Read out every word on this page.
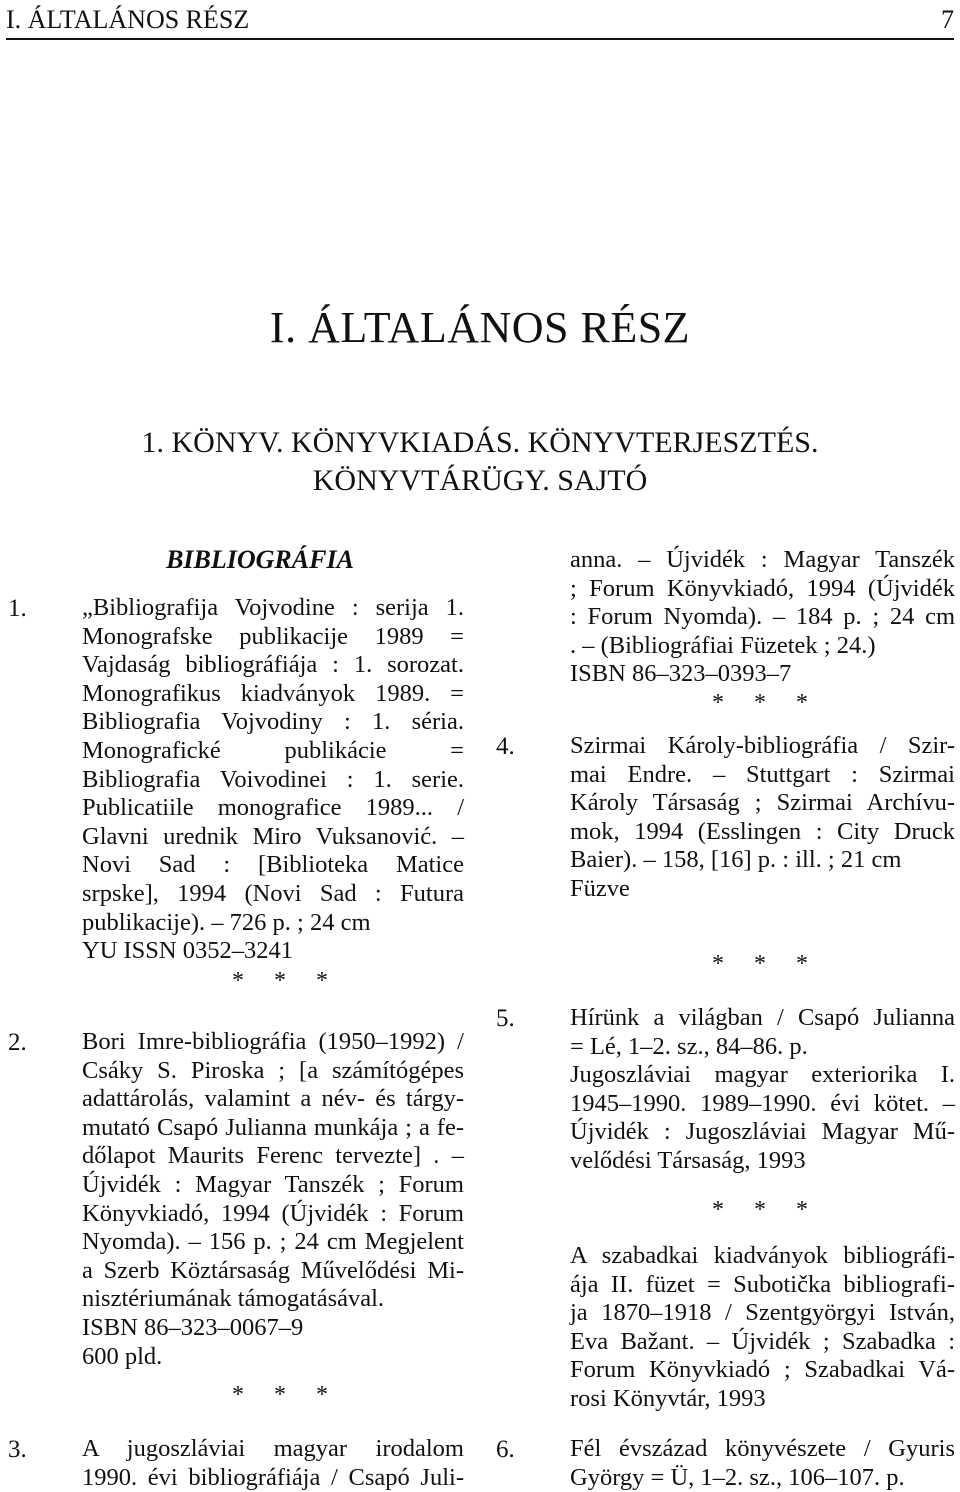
I. ÁLTALÁNOS RÉSZ	7
I. ÁLTALÁNOS RÉSZ
1. KÖNYV. KÖNYVKIADÁS. KÖNYVTERJESZTÉS.
KÖNYVTÁRÜGY. SAJTÓ
BIBLIOGRÁFIA
1. „Bibliografija Vojvodine : serija 1.
Monografske publikacije 1989 =
Vajdaság bibliográfiája : 1. sorozat.
Monografikus kiadványok 1989. =
Bibliografia Vojvodiny : 1. séria.
Monografické publikácie =
Bibliografia Voivodinei : 1. serie.
Publicatiile monografice 1989... /
Glavni urednik Miro Vuksanović. –
Novi Sad : [Biblioteka Matice
srpske], 1994 (Novi Sad : Futura
publikacije). – 726 p. ; 24 cm
YU ISSN 0352–3241
* * *
2. Bori Imre-bibliográfia (1950–1992) /
Csáky S. Piroska ; [a számítógépes
adattárolás, valamint a név- és tárgy-
mutató Csapó Julianna munkája ; a fe-
dőlapot Maurits Ferenc tervezte] . –
Újvidék : Magyar Tanszék ; Forum
Könyvkiadó, 1994 (Újvidék : Forum
Nyomda). – 156 p. ; 24 cm Megjelent
a Szerb Köztársaság Művelődési Mi-
nisztériumának támogatásával.
ISBN 86–323–0067–9
600 pld.
* * *
3. A jugoszláviai magyar irodalom
1990. évi bibliográfiája / Csapó Juli-
anna. – Újvidék : Magyar Tanszék
; Forum Könyvkiadó, 1994 (Újvidék
: Forum Nyomda). – 184 p. ; 24 cm
. – (Bibliográfiai Füzetek ; 24.)
ISBN 86–323–0393–7
* * *
4. Szirmai Károly-bibliográfia / Szir-
mai Endre. – Stuttgart : Szirmai
Károly Társaság ; Szirmai Archívu-
mok, 1994 (Esslingen : City Druck
Baier). – 158, [16] p. : ill. ; 21 cm
Füzve
* * *
5. Hírünk a világban / Csapó Julianna
= Lé, 1–2. sz., 84–86. p.
Jugoszláviai magyar exteriorika I.
1945–1990. 1989–1990. évi kötet. –
Újvidék : Jugoszláviai Magyar Mű-
velődési Társaság, 1993
* * *
A szabadkai kiadványok bibliográfi-
ája II. füzet = Subotička bibliografi-
ja 1870–1918 / Szentgyörgyi István,
Eva Bažant. – Újvidék ; Szabadka :
Forum Könyvkiadó ; Szabadkai Vá-
rosi Könyvtár, 1993
6. Fél évszázad könyvészete / Gyuris
György = Ü, 1–2. sz., 106–107. p.
